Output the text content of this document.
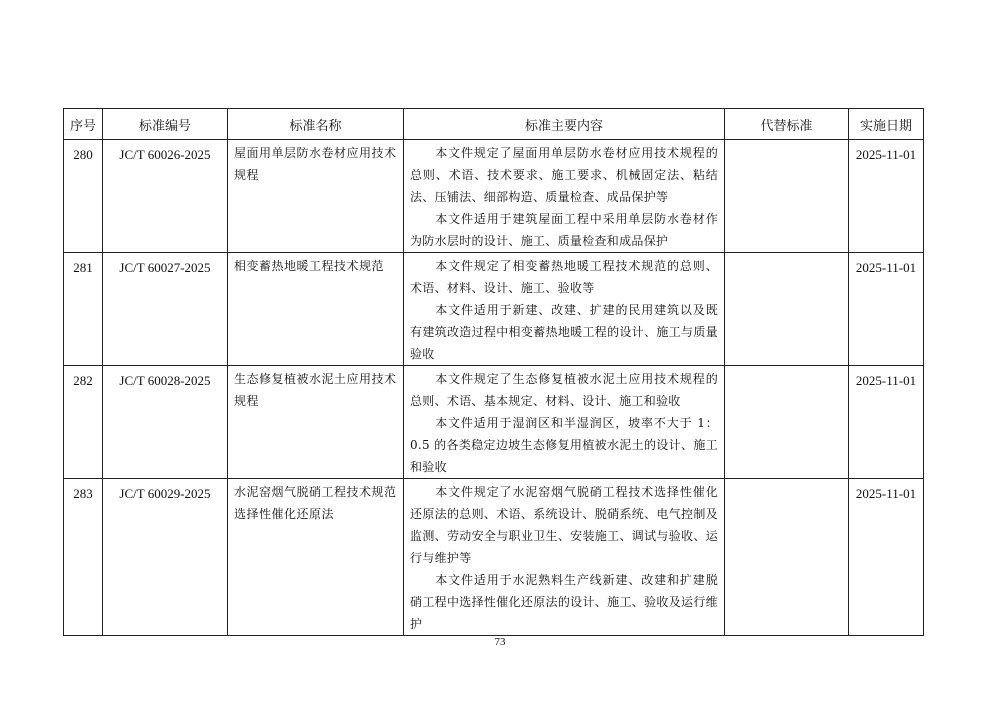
序号	标准编号	标准名称	标准主要内容	代替标准	实施日期
280	JC/T 60026-2025	屋面用单层防水卷材应用技术规程	本文件规定了屋面用单层防水卷材应用技术规程的总则、术语、技术要求、施工要求、机械固定法、粘结法、压铺法、细部构造、质量检查、成品保护等

本文件适用于建筑屋面工程中采用单层防水卷材作为防水层时的设计、施工、质量检查和成品保护		2025-11-01
281	JC/T 60027-2025	相变蓄热地暖工程技术规范	本文件规定了相变蓄热地暖工程技术规范的总则、术语、材料、设计、施工、验收等

本文件适用于新建、改建、扩建的民用建筑以及既有建筑改造过程中相变蓄热地暖工程的设计、施工与质量验收		2025-11-01
282	JC/T 60028-2025	生态修复植被水泥土应用技术规程	本文件规定了生态修复植被水泥土应用技术规程的总则、术语、基本规定、材料、设计、施工和验收

本文件适用于湿润区和半湿润区，坡率不大于 1：0.5 的各类稳定边坡生态修复用植被水泥土的设计、施工和验收		2025-11-01
283	JC/T 60029-2025	水泥窑烟气脱硝工程技术规范 选择性催化还原法	本文件规定了水泥窑烟气脱硝工程技术选择性催化还原法的总则、术语、系统设计、脱硝系统、电气控制及监测、劳动安全与职业卫生、安装施工、调试与验收、运行与维护等

本文件适用于水泥熟料生产线新建、改建和扩建脱硝工程中选择性催化还原法的设计、施工、验收及运行维护		2025-11-01
73
